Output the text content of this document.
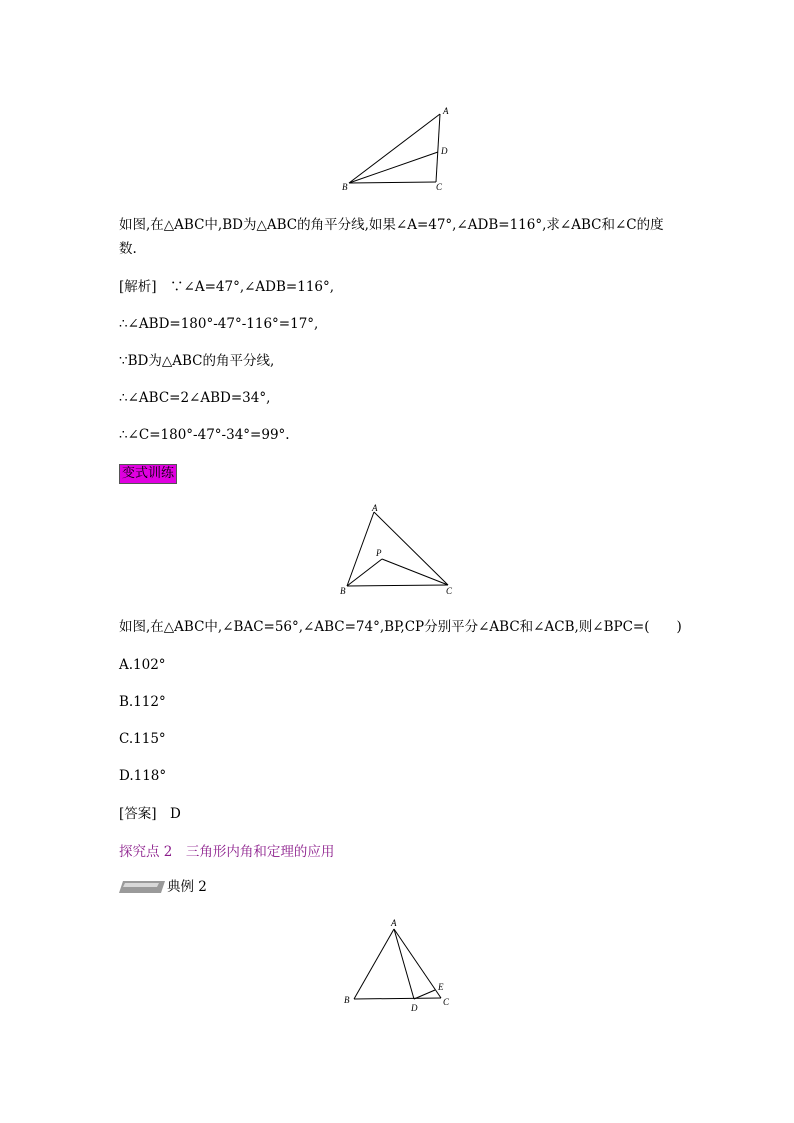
A
D
B	C
如图,在△ABC中,BD为△ABC的角平分线,如果∠A=47°,∠ADB=116°,求∠ABC和∠C的度
数.
[解析]　∵∠A=47°,∠ADB=116°,
∴∠ABD=180°-47°-116°=17°,
∵BD为△ABC的角平分线,
∴∠ABC=2∠ABD=34°,
∴∠C=180°-47°-34°=99°.
变式训练
A
P
B	C
如图,在△ABC中,∠BAC=56°,∠ABC=74°,BP,CP分别平分∠ABC和∠ACB,则∠BPC=(　　)
A.102°
B.112°
C.115°
D.118°
[答案]　D
探究点 2　三角形内角和定理的应用
典例 2
A
B
D
E
C
